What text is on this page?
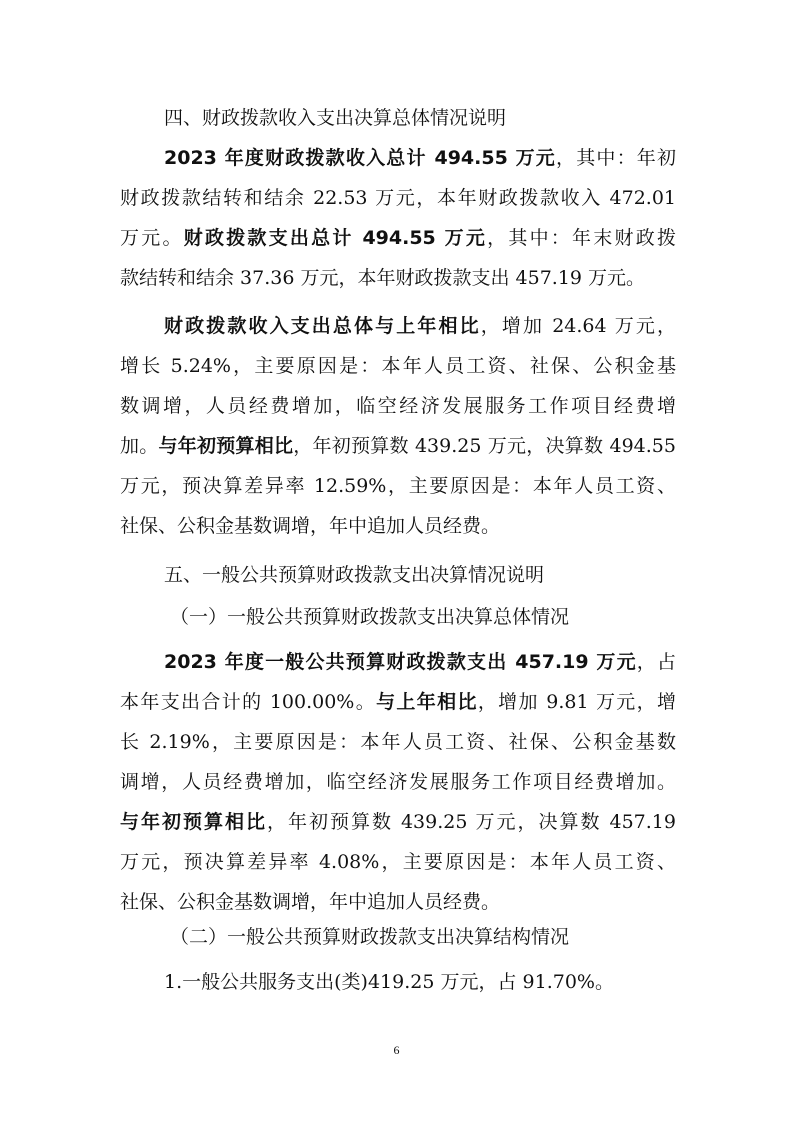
四、财政拨款收入支出决算总体情况说明
2023 年度财政拨款收入总计 494.55 万元，其中：年初
财政拨款结转和结余 22.53 万元，本年财政拨款收入 472.01
万元。财政拨款支出总计 494.55 万元，其中：年末财政拨
款结转和结余 37.36 万元，本年财政拨款支出 457.19 万元。
财政拨款收入支出总体与上年相比，增加 24.64 万元，
增长 5.24%，主要原因是：本年人员工资、社保、公积金基
数调增，人员经费增加，临空经济发展服务工作项目经费增
加。与年初预算相比，年初预算数 439.25 万元，决算数 494.55
万元，预决算差异率 12.59%，主要原因是：本年人员工资、
社保、公积金基数调增，年中追加人员经费。
五、一般公共预算财政拨款支出决算情况说明
（一）一般公共预算财政拨款支出决算总体情况
2023 年度一般公共预算财政拨款支出 457.19 万元，占
本年支出合计的 100.00%。与上年相比，增加 9.81 万元，增
长 2.19%，主要原因是：本年人员工资、社保、公积金基数
调增，人员经费增加，临空经济发展服务工作项目经费增加。
与年初预算相比，年初预算数 439.25 万元，决算数 457.19
万元，预决算差异率 4.08%，主要原因是：本年人员工资、
社保、公积金基数调增，年中追加人员经费。
（二）一般公共预算财政拨款支出决算结构情况
1.一般公共服务支出(类)419.25 万元，占 91.70%。
6
